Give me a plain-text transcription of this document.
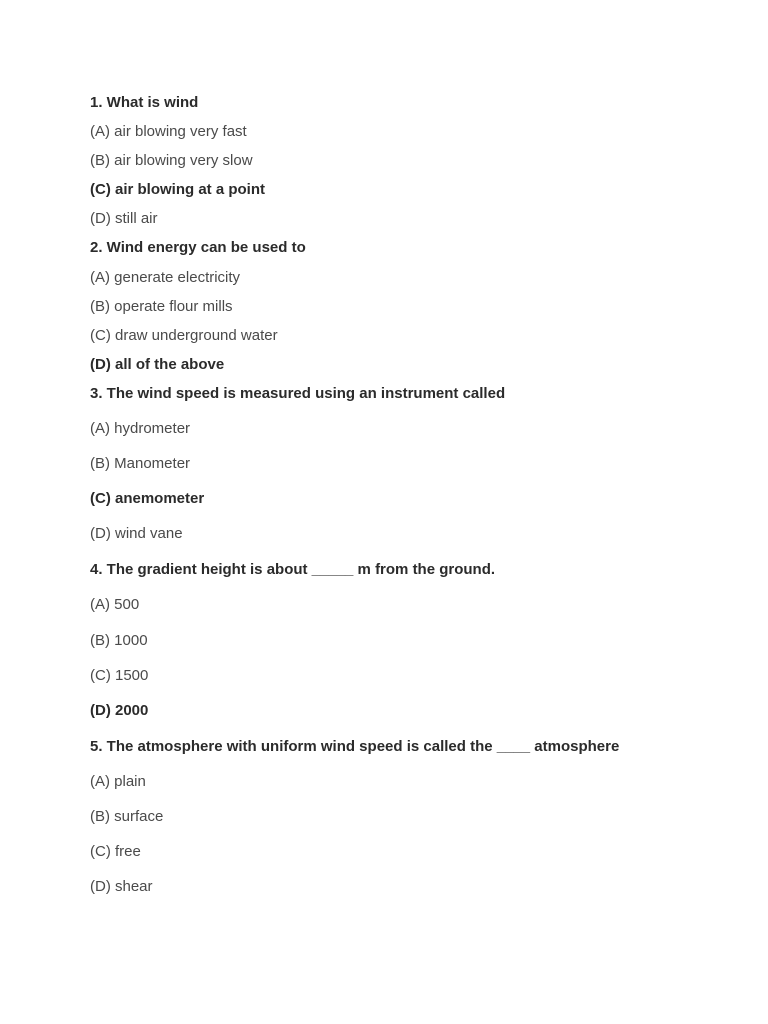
1. What is wind
(A) air blowing very fast
(B) air blowing very slow
(C) air blowing at a point
(D) still air
2. Wind energy can be used to
(A) generate electricity
(B) operate flour mills
(C) draw underground water
(D) all of the above
3. The wind speed is measured using an instrument called
(A) hydrometer
(B) Manometer
(C) anemometer
(D) wind vane
4. The gradient height is about _____ m from the ground.
(A) 500
(B) 1000
(C) 1500
(D) 2000
5. The atmosphere with uniform wind speed is called the ____ atmosphere
(A) plain
(B) surface
(C) free
(D) shear
